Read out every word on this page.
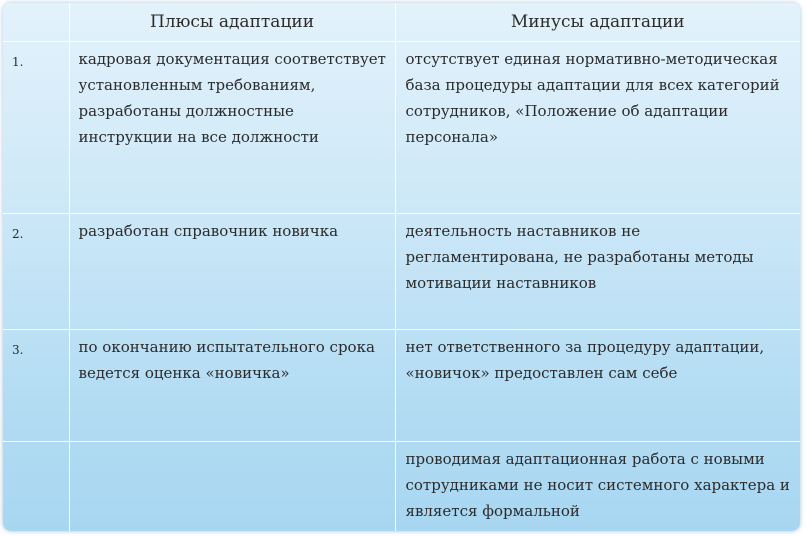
	Плюсы адаптации	Минусы адаптации
1.	кадровая документация соответствует установленным требованиям, разработаны должностные инструкции на все должности	отсутствует единая нормативно-методическая база процедуры адаптации для всех категорий сотрудников, «Положение об адаптации персонала»
2.	разработан справочник новичка	деятельность наставников не регламентирована, не разработаны методы мотивации наставников
3.	по окончанию испытательного срока ведется оценка «новичка»	нет ответственного за процедуру адаптации, «новичок» предоставлен сам себе
		проводимая адаптационная работа с новыми сотрудниками не носит системного характера и является формальной
